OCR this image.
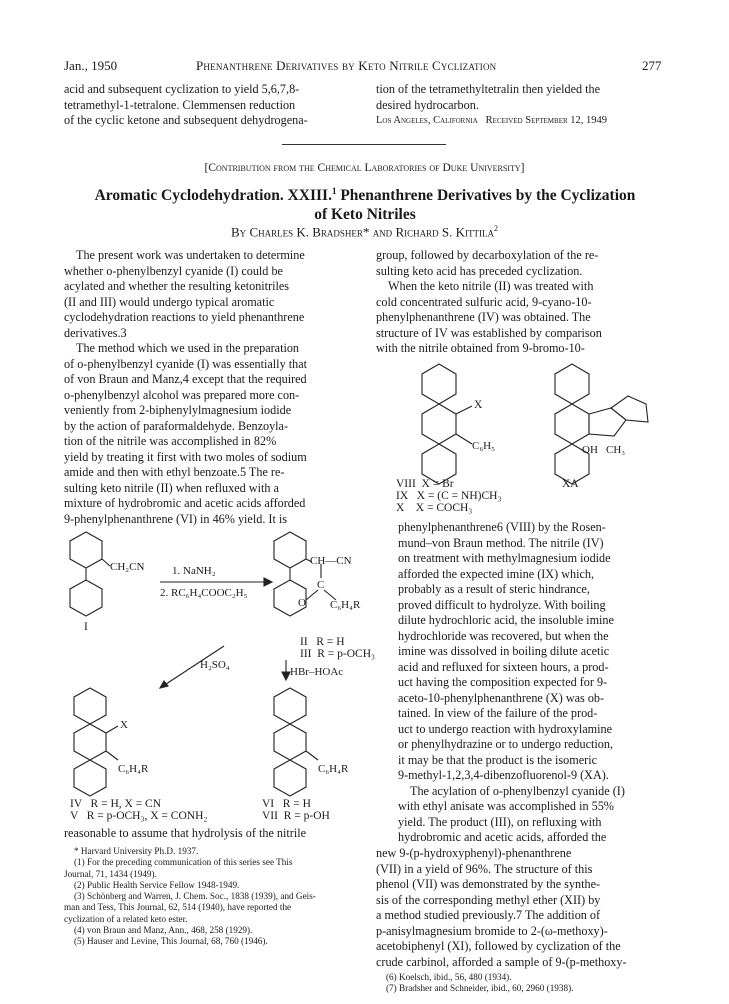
Jan., 1950	Phenanthrene Derivatives by Keto Nitrile Cyclization	277

acid and subsequent cyclization to yield 5,6,7,8-

tetramethyl-1-tetralone. Clemmensen reduction

of the cyclic ketone and subsequent dehydrogena-

tion of the tetramethyltetralin then yielded the

desired hydrocarbon.

Los Angeles, California Received September 12, 1949

[Contribution from the Chemical Laboratories of Duke University]
Aromatic Cyclodehydration. XXIII.$^1$ Phenanthrene Derivatives by the Cyclization
of Keto Nitriles
By Charles K. Bradsher* and Richard S. Kittila$^2$

The present work was undertaken to determine

whether o-phenylbenzyl cyanide (I) could be

acylated and whether the resulting ketonitriles

(II and III) would undergo typical aromatic

cyclodehydration reactions to yield phenanthrene

derivatives.3

The method which we used in the preparation

of o-phenylbenzyl cyanide (I) was essentially that

of von Braun and Manz,4 except that the required

o-phenylbenzyl alcohol was prepared more con-

veniently from 2-biphenylylmagnesium iodide

by the action of paraformaldehyde. Benzoyla-

tion of the nitrile was accomplished in 82%

yield by treating it first with two moles of sodium

amide and then with ethyl benzoate.5 The re-

sulting keto nitrile (II) when refluxed with a

mixture of hydrobromic and acetic acids afforded

9-phenylphenanthrene (VI) in 46% yield. It is

group, followed by decarboxylation of the re-

sulting keto acid has preceded cyclization.

When the keto nitrile (II) was treated with

cold concentrated sulfuric acid, 9-cyano-10-

phenylphenanthrene (IV) was obtained. The

structure of IV was established by comparison

with the nitrile obtained from 9-bromo-10-

X
C₆H₅	OH CH₃
VIII  X = Br
IX   X = (C = NH)CH₃
X    X = COCH₃
XA

phenylphenanthrene6 (VIII) by the Rosen-

mund–von Braun method. The nitrile (IV)

on treatment with methylmagnesium iodide

afforded the expected imine (IX) which,

probably as a result of steric hindrance,

proved difficult to hydrolyze. With boiling

dilute hydrochloric acid, the insoluble imine

hydrochloride was recovered, but when the

imine was dissolved in boiling dilute acetic

acid and refluxed for sixteen hours, a prod-

uct having the composition expected for 9-

aceto-10-phenylphenanthrene (X) was ob-

tained. In view of the failure of the prod-

uct to undergo reaction with hydroxylamine

or phenylhydrazine or to undergo reduction,

it may be that the product is the isomeric

9-methyl-1,2,3,4-dibenzofluorenol-9 (XA).

The acylation of o-phenylbenzyl cyanide (I)

with ethyl anisate was accomplished in 55%

yield. The product (III), on refluxing with

hydrobromic and acetic acids, afforded the

new 9-(p-hydroxyphenyl)-phenanthrene

(VII) in a yield of 96%. The structure of this

phenol (VII) was demonstrated by the synthe-

sis of the corresponding methyl ether (XII) by

a method studied previously.7 The addition of

p-anisylmagnesium bromide to 2-(ω-methoxy)-

acetobiphenyl (XI), followed by cyclization of the

crude carbinol, afforded a sample of 9-(p-methoxy-

CH₂CN	1. NaNH₂
2. RC₆H₄COOC₂H₅
CH—CN
C
O C₆H₄R
I
H₂SO₄
HBr–HOAc
X
C₆H₄R	C₆H₄R
II   R = H
III  R = p-OCH₃
IV   R = H, X = CN
V   R = p-OCH₃, X = CONH₂
VI   R = H
VII  R = p-OH

reasonable to assume that hydrolysis of the nitrile

* Harvard University Ph.D. 1937.

(1) For the preceding communication of this series see This

Journal, 71, 1434 (1949).

(2) Public Health Service Fellow 1948-1949.

(3) Schönberg and Warren, J. Chem. Soc., 1838 (1939), and Geis-

man and Tess, This Journal, 62, 514 (1940), have reported the

cyclization of a related keto ester.

(4) von Braun and Manz, Ann., 468, 258 (1929).

(5) Hauser and Levine, This Journal, 68, 760 (1946).

(6) Koelsch, ibid., 56, 480 (1934).

(7) Bradsher and Schneider, ibid., 60, 2960 (1938).
